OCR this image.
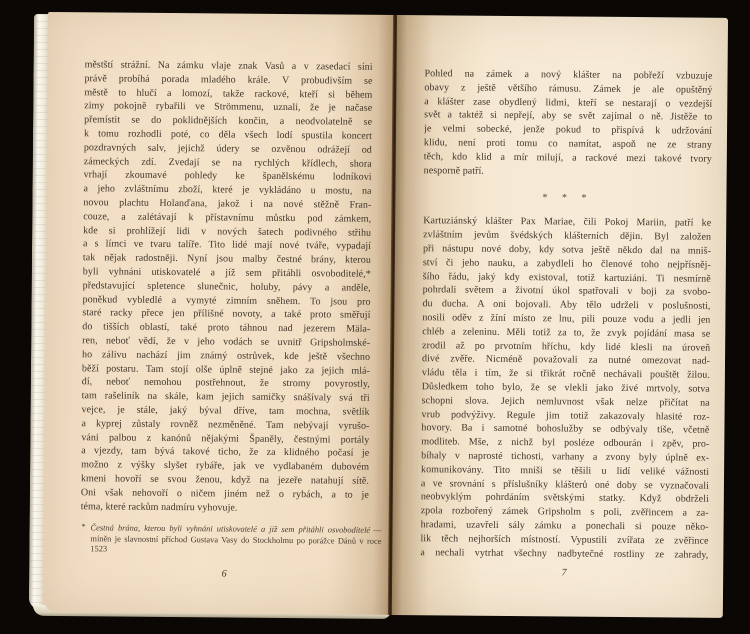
městští strážní. Na zámku vlaje znak Vasů a v zasedací síni
právě probíhá porada mladého krále. V probudivším se
městě to hlučí a lomozí, takže rackové, kteří si během
zimy pokojně rybařili ve Strömmenu, uznali, že je načase
přemístit se do poklidnějších končin, a neodvolatelně se
k tomu rozhodli poté, co děla všech lodí spustila koncert
pozdravných salv, jejichž údery se ozvěnou odrážejí od
zámeckých zdí. Zvedají se na rychlých křídlech, shora
vrhají zkoumavé pohledy ke španělskému lodníkovi
a jeho zvláštnímu zboží, které je vykládáno u mostu, na
novou plachtu Holanďana, jakož i na nové stěžně Fran-
couze, a zalétávají k přístavnímu můstku pod zámkem,
kde si prohlížejí lidi v nových šatech podivného střihu
a s límci ve tvaru talíře. Tito lidé mají nové tváře, vypadají
tak nějak radostněji. Nyní jsou malby čestné brány, kterou
byli vyhnáni utiskovatelé a jíž sem přitáhli osvoboditelé,*
představující spletence slunečnic, holuby, pávy a anděle,
poněkud vybledlé a vymyté zimním sněhem. To jsou pro
staré racky přece jen přílišné novoty, a také proto směřují
do tišších oblastí, také proto táhnou nad jezerem Mäla-
ren, neboť vědí, že v jeho vodách se uvnitř Gripsholmské-
ho zálivu nachází jim známý ostrůvek, kde ještě všechno
běží postaru. Tam stojí olše úplně stejné jako za jejich mlá-
dí, neboť nemohou postřehnout, že stromy povyrostly,
tam rašeliník na skále, kam jejich samičky snášívaly svá tři
vejce, je stále, jaký býval dříve, tam mochna, světlík
a kyprej zůstaly rovněž nezměněné. Tam nebývají vyrušo-
váni palbou z kanónů nějakými Španěly, čestnými portály
a vjezdy, tam bývá takové ticho, že za klidného počasí je
možno z výšky slyšet rybáře, jak ve vydlabaném dubovém
kmeni hovoří se svou ženou, když na jezeře natahují sítě.
Oni však nehovoří o ničem jiném než o rybách, a to je
téma, které rackům nadmíru vyhovuje.
* Čestná brána, kterou byli vyhnáni utiskovatelé a jíž sem přitáhli osvoboditelé — míněn je slavnostní příchod Gustava Vasy do Stockholmu po porážce Dánů v roce 1523
6
Pohled na zámek a nový klášter na pobřeží vzbuzuje
obavy z ještě většího rámusu. Zámek je ale opuštěný
a klášter zase obydlený lidmi, kteří se nestarají o vezdejší
svět a taktéž si nepřejí, aby se svět zajímal o ně. Jistěže to
je velmi sobecké, jenže pokud to přispívá k udržování
klidu, není proti tomu co namítat, aspoň ne ze strany
těch, kdo klid a mír milují, a rackové mezi takové tvory
nesporně patří.
* * *
Kartuziánský klášter Pax Mariae, čili Pokoj Mariin, patří ke
zvláštním jevům švédských klášterních dějin. Byl založen
při nástupu nové doby, kdy sotva ještě někdo dal na mniš-
ství či jeho nauku, a zabydleli ho členové toho nejpřísněj-
šího řádu, jaký kdy existoval, totiž kartuziáni. Ti nesmírně
pohrdali světem a životní úkol spatřovali v boji za svobo-
du ducha. A oni bojovali. Aby tělo udrželi v poslušnosti,
nosili oděv z žíní místo ze lnu, pili pouze vodu a jedli jen
chléb a zeleninu. Měli totiž za to, že zvyk pojídání masa se
zrodil až po prvotním hříchu, kdy lidé klesli na úroveň
divé zvěře. Nicméně považovali za nutné omezovat nad-
vládu těla i tím, že si třikrát ročně nechávali pouštět žilou.
Důsledkem toho bylo, že se vlekli jako živé mrtvoly, sotva
schopni slova. Jejich nemluvnost však nelze přičítat na
vrub podvýživy. Regule jim totiž zakazovaly hlasité roz-
hovory. Ba i samotné bohoslužby se odbývaly tiše, včetně
modliteb. Mše, z nichž byl posléze odbourán i zpěv, pro-
bíhaly v naprosté tichosti, varhany a zvony byly úplně ex-
komunikovány. Tito mniši se těšili u lidí veliké vážnosti
a ve srovnání s příslušníky klášterů oné doby se vyznačovali
neobvyklým pohrdáním světskými statky. Když obdrželi
zpola rozbořený zámek Gripsholm s poli, zvěřincem a za-
hradami, uzavřeli sály zámku a ponechali si pouze něko-
lik těch nejhorších místností. Vypustili zvířata ze zvěřince
a nechali vytrhat všechny nadbytečné rostliny ze zahrady,
7
